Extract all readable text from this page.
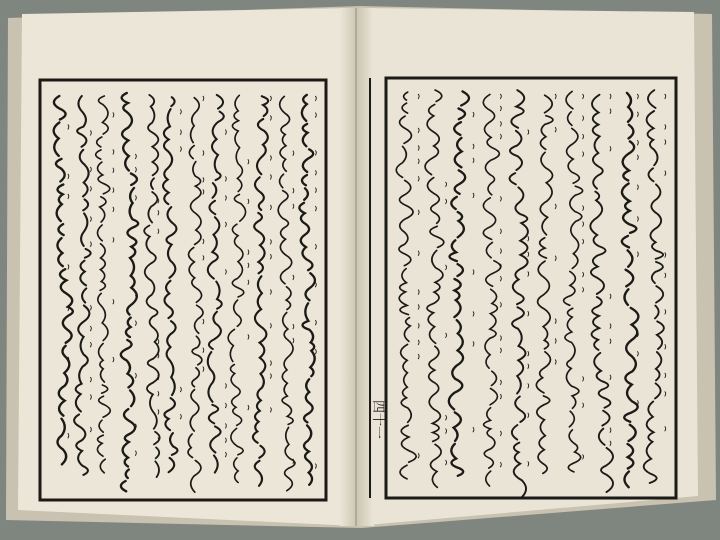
四十一
